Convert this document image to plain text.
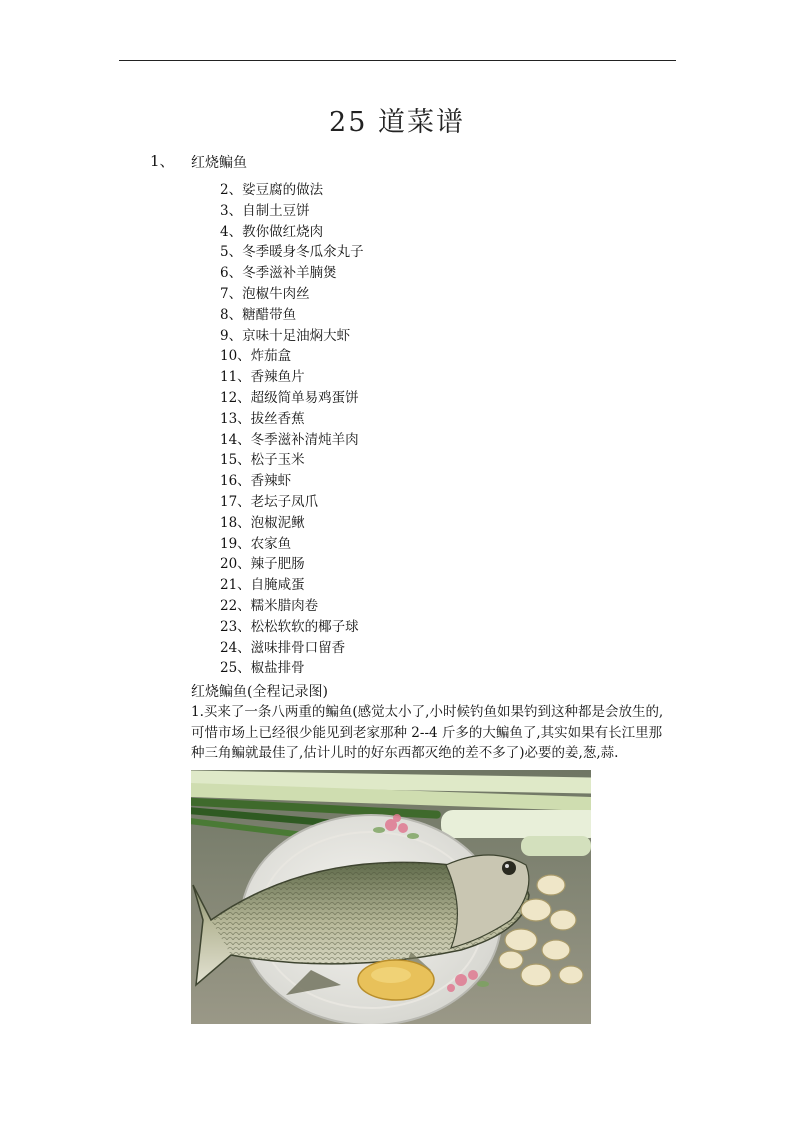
25 道菜谱
1、 红烧鳊鱼
2、娑豆腐的做法
3、自制土豆饼
4、教你做红烧肉
5、冬季暖身冬瓜氽丸子
6、冬季滋补羊腩煲
7、泡椒牛肉丝
8、糖醋带鱼
9、京味十足油焖大虾
10、炸茄盒
11、香辣鱼片
12、超级简单易鸡蛋饼
13、拔丝香蕉
14、冬季滋补清炖羊肉
15、松子玉米
16、香辣虾
17、老坛子凤爪
18、泡椒泥鳅
19、农家鱼
20、辣子肥肠
21、自腌咸蛋
22、糯米腊肉卷
23、松松软软的椰子球
24、滋味排骨口留香
25、椒盐排骨
红烧鳊鱼(全程记录图)
1.买来了一条八两重的鳊鱼(感觉太小了,小时候钓鱼如果钓到这种都是会放生的,
可惜市场上已经很少能见到老家那种 2--4 斤多的大鳊鱼了,其实如果有长江里那
种三角鳊就最佳了,估计儿时的好东西都灭绝的差不多了)必要的姜,葱,蒜.
